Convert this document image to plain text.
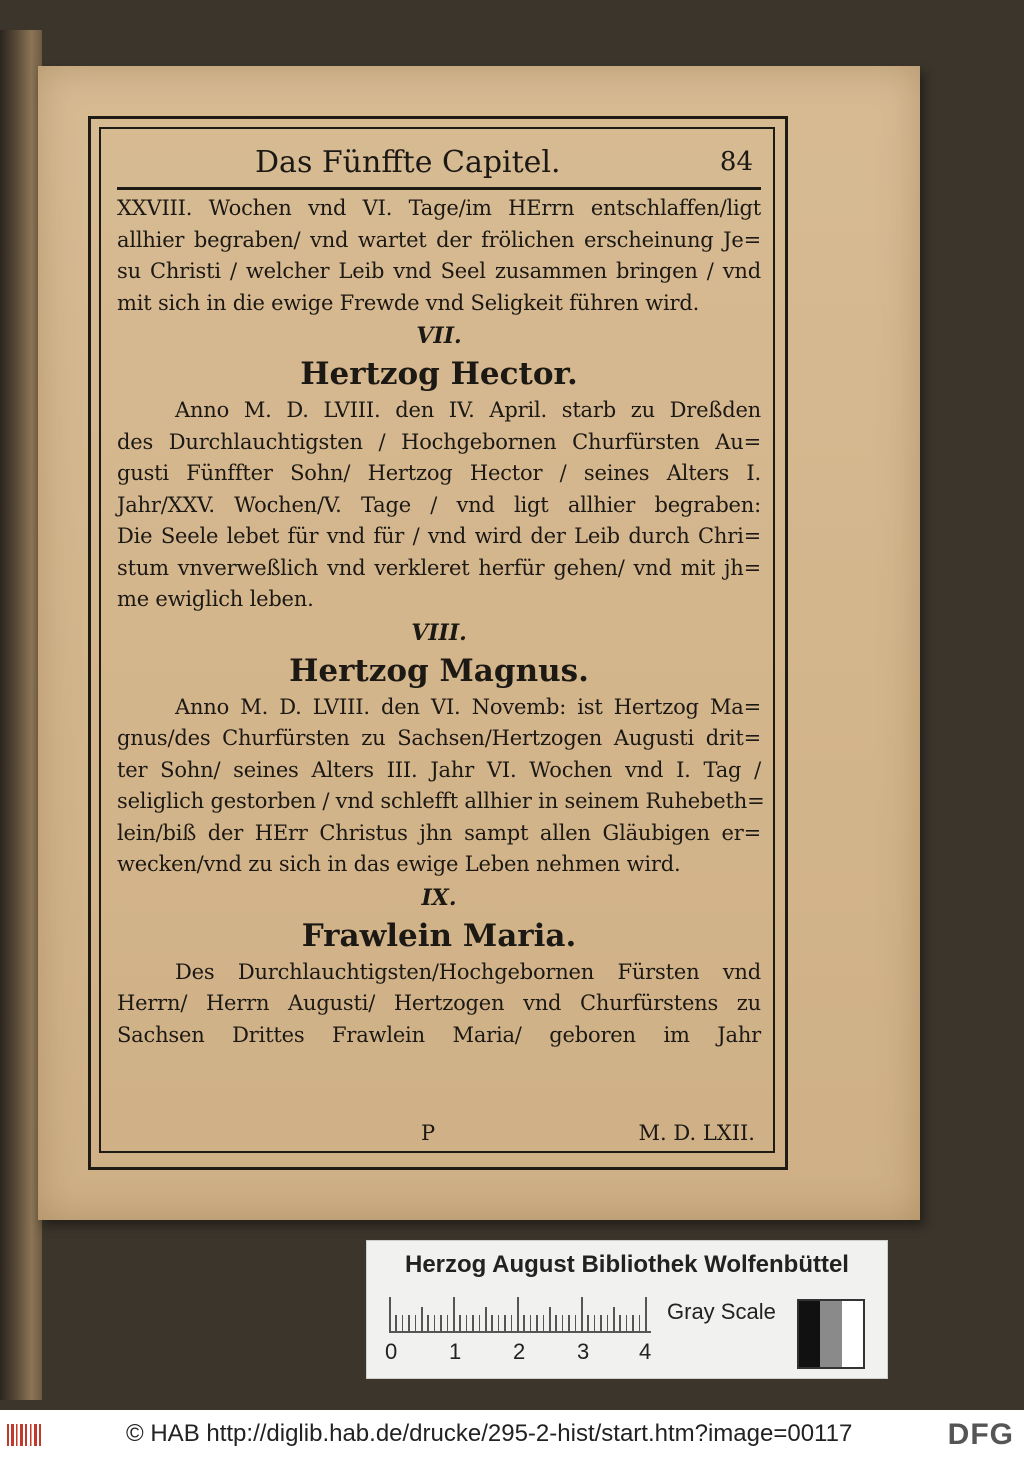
Das Fünffte Capitel.	84
XXVIII. Wochen vnd VI. Tage/im HErrn entschlaffen/ligt
allhier begraben/ vnd wartet der frölichen erscheinung Je=
su Christi / welcher Leib vnd Seel zusammen bringen / vnd
mit sich in die ewige Frewde vnd Seligkeit führen wird.
VII.
Hertzog Hector.
Anno M. D. LVIII. den IV. April. starb zu Dreßden
des Durchlauchtigsten / Hochgebornen Churfürsten Au=
gusti Fünffter Sohn/ Hertzog Hector / seines Alters I.
Jahr/XXV. Wochen/V. Tage / vnd ligt allhier begraben:
Die Seele lebet für vnd für / vnd wird der Leib durch Chri=
stum vnverweßlich vnd verkleret herfür gehen/ vnd mit jh=
me ewiglich leben.
VIII.
Hertzog Magnus.
Anno M. D. LVIII. den VI. Novemb: ist Hertzog Ma=
gnus/des Churfürsten zu Sachsen/Hertzogen Augusti drit=
ter Sohn/ seines Alters III. Jahr VI. Wochen vnd I. Tag /
seliglich gestorben / vnd schlefft allhier in seinem Ruhebeth=
lein/biß der HErr Christus jhn sampt allen Gläubigen er=
wecken/vnd zu sich in das ewige Leben nehmen wird.
IX.
Frawlein Maria.
Des Durchlauchtigsten/Hochgebornen Fürsten vnd
Herrn/ Herrn Augusti/ Hertzogen vnd Churfürstens zu
Sachsen Drittes Frawlein Maria/ geboren im Jahr
P	M. D. LXII.
Herzog August Bibliothek Wolfenbüttel
0 1 2 3 4
Gray Scale
© HAB http://diglib.hab.de/drucke/295-2-hist/start.htm?image=00117	DFG
